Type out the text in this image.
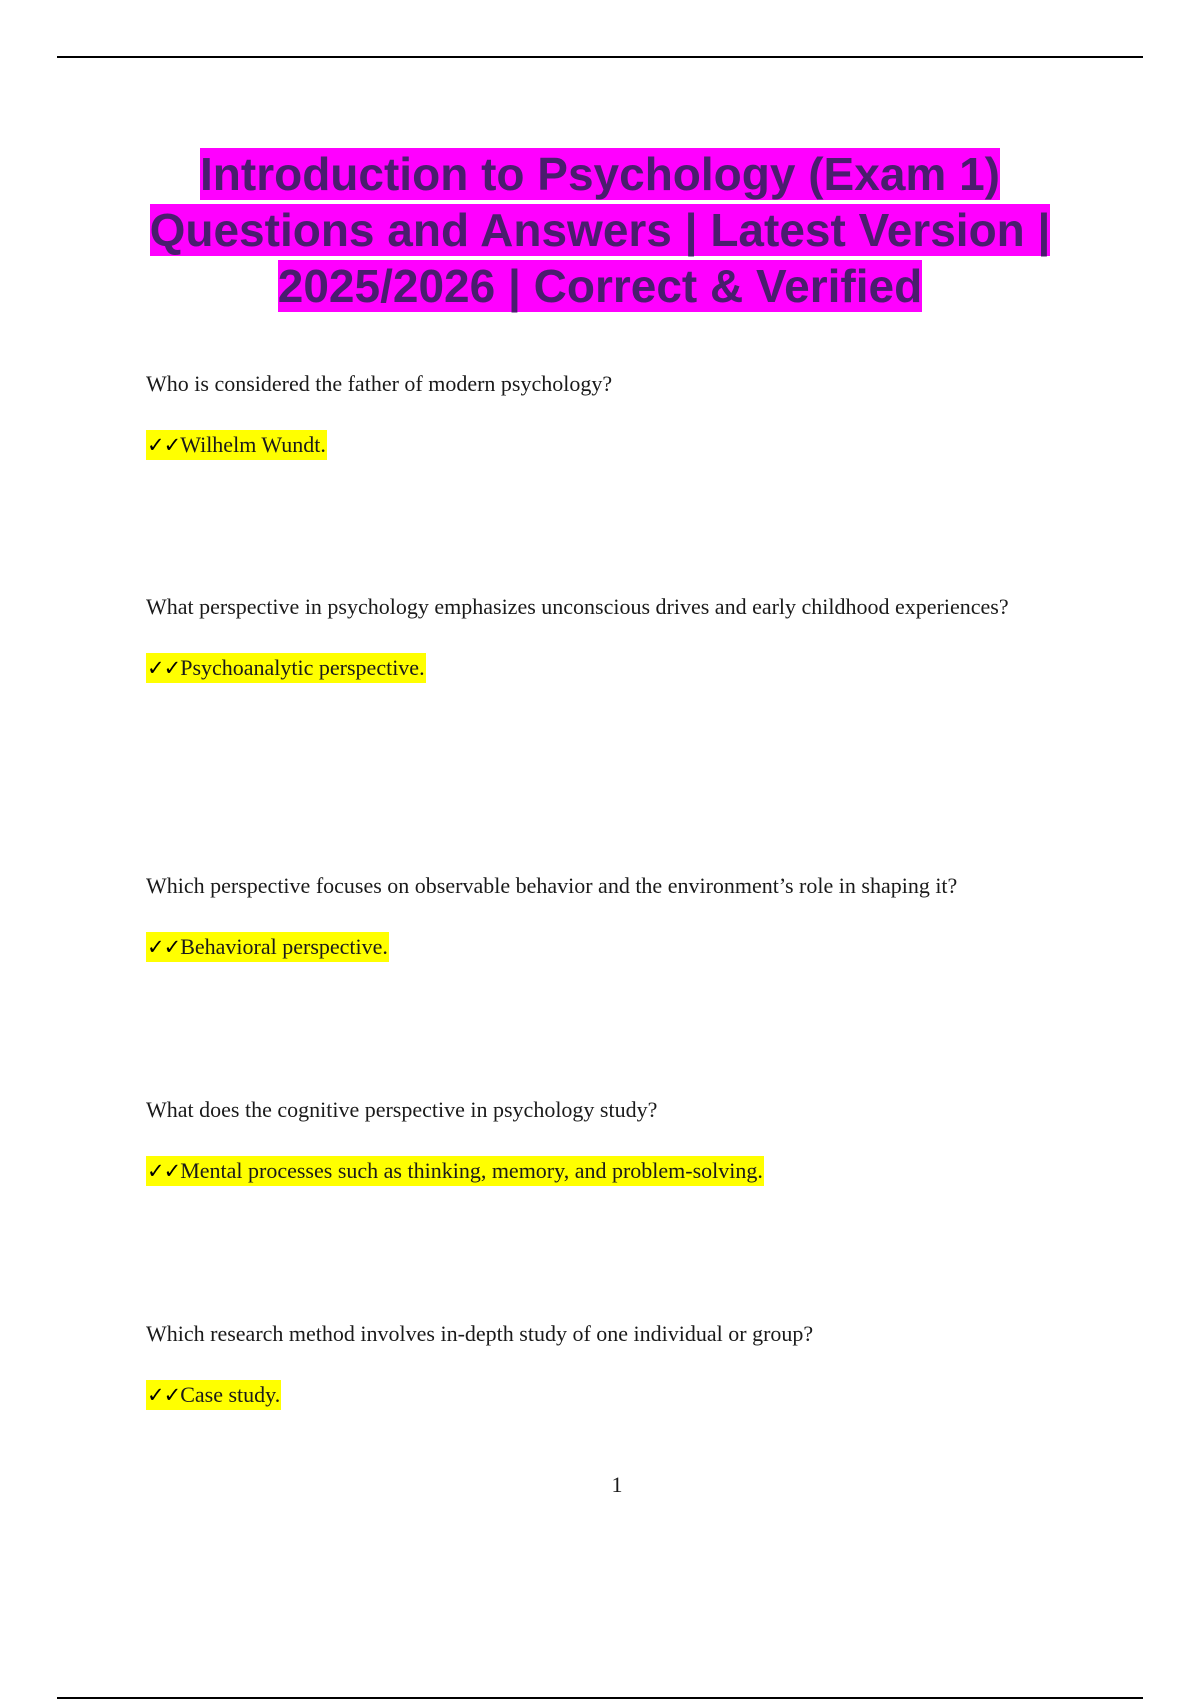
Introduction to Psychology (Exam 1) Questions and Answers | Latest Version | 2025/2026 | Correct & Verified

Who is considered the father of modern psychology?

✓✓Wilhelm Wundt.

What perspective in psychology emphasizes unconscious drives and early childhood experiences?

✓✓Psychoanalytic perspective.

Which perspective focuses on observable behavior and the environment’s role in shaping it?

✓✓Behavioral perspective.

What does the cognitive perspective in psychology study?

✓✓Mental processes such as thinking, memory, and problem-solving.

Which research method involves in-depth study of one individual or group?

✓✓Case study.
1
